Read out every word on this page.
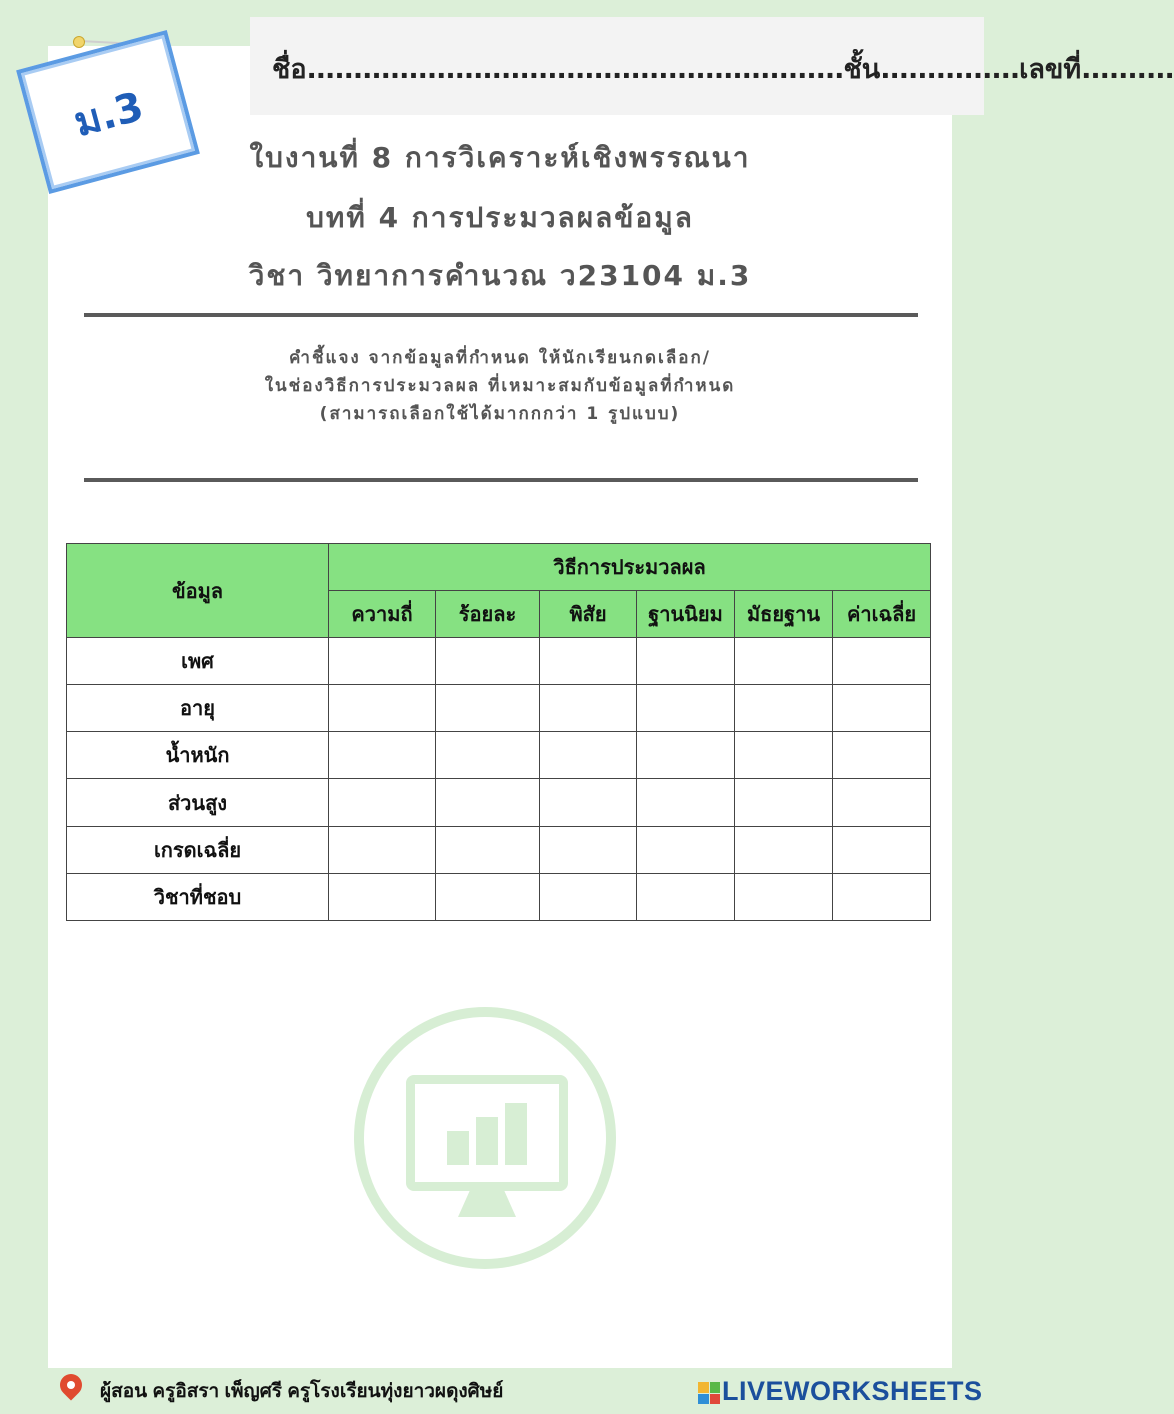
ชื่อ..........................................................ชั้น...............เลขที่..........
ม.3
ใบงานที่ 8 การวิเคราะห์เชิงพรรณนา
บทที่ 4 การประมวลผลข้อมูล
วิชา วิทยาการคำนวณ ว23104 ม.3
คำชี้แจง จากข้อมูลที่กำหนด ให้นักเรียนกดเลือก/
ในช่องวิธีการประมวลผล ที่เหมาะสมกับข้อมูลที่กำหนด
(สามารถเลือกใช้ได้มากกกว่า 1 รูปแบบ)
ข้อมูล	วิธีการประมวลผล					
	ความถี่	ร้อยละ	พิสัย	ฐานนิยม	มัธยฐาน	ค่าเฉลี่ย
เพศ						
อายุ						
น้ำหนัก						
ส่วนสูง						
เกรดเฉลี่ย						
วิชาที่ชอบ						
ผู้สอน ครูอิสรา เพ็ญศรี ครูโรงเรียนทุ่งยาวผดุงศิษย์	LIVEWORKSHEETS
